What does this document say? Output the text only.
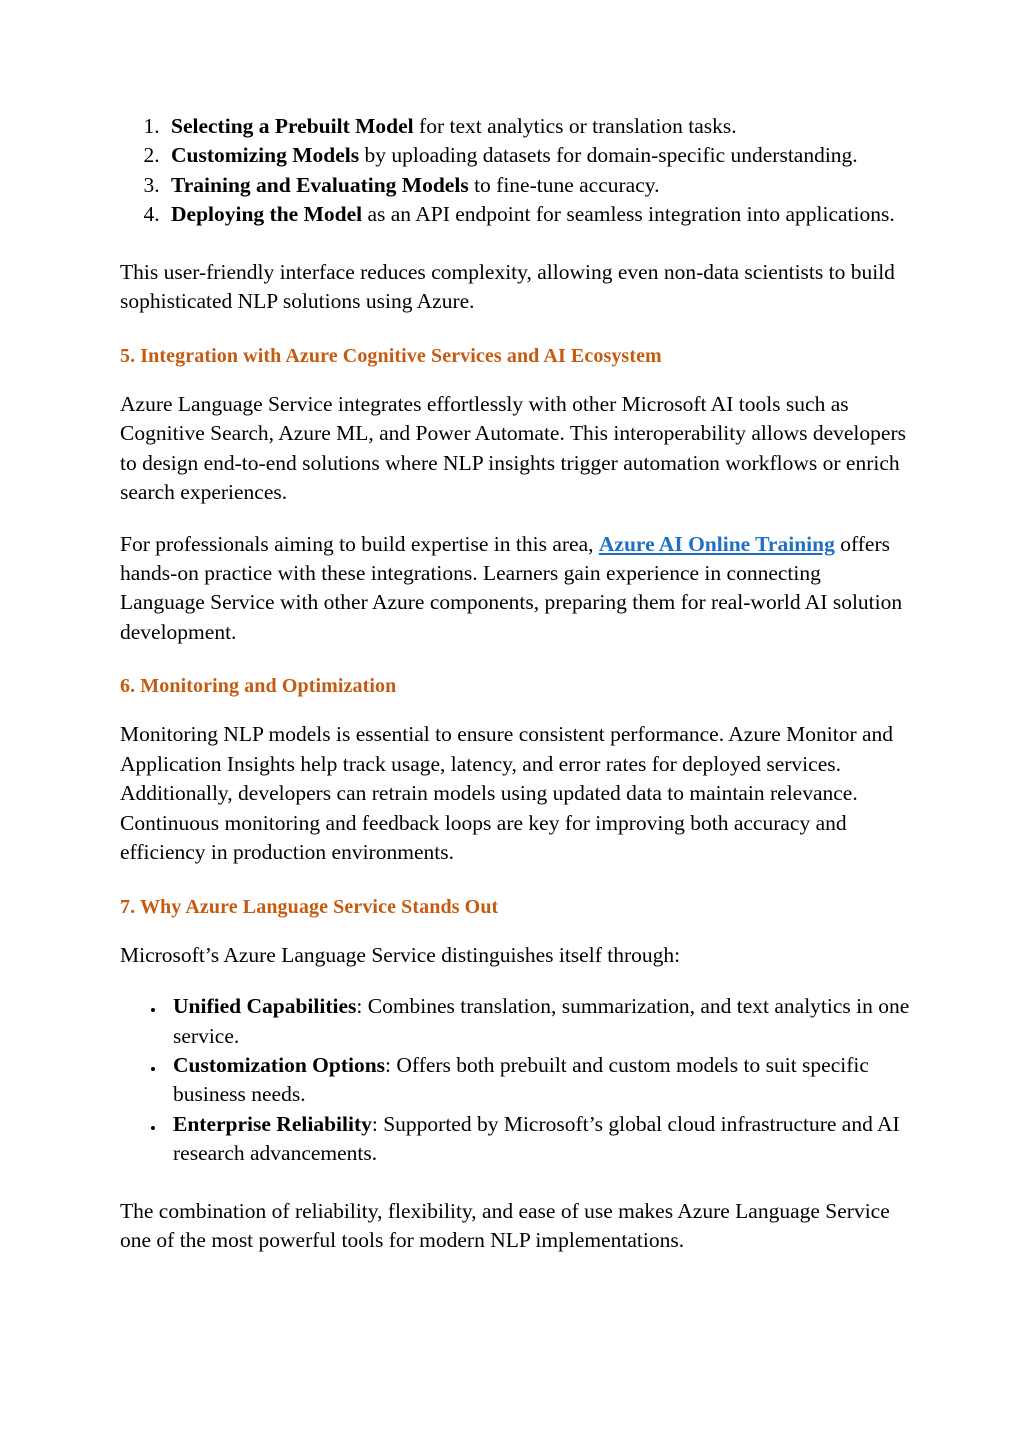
1. Selecting a Prebuilt Model for text analytics or translation tasks.
2. Customizing Models by uploading datasets for domain-specific understanding.
3. Training and Evaluating Models to fine-tune accuracy.
4. Deploying the Model as an API endpoint for seamless integration into applications.

This user-friendly interface reduces complexity, allowing even non-data scientists to build sophisticated NLP solutions using Azure.

5. Integration with Azure Cognitive Services and AI Ecosystem

Azure Language Service integrates effortlessly with other Microsoft AI tools such as Cognitive Search, Azure ML, and Power Automate. This interoperability allows developers to design end-to-end solutions where NLP insights trigger automation workflows or enrich search experiences.

For professionals aiming to build expertise in this area, Azure AI Online Training offers hands-on practice with these integrations. Learners gain experience in connecting Language Service with other Azure components, preparing them for real-world AI solution development.

6. Monitoring and Optimization

Monitoring NLP models is essential to ensure consistent performance. Azure Monitor and Application Insights help track usage, latency, and error rates for deployed services. Additionally, developers can retrain models using updated data to maintain relevance. Continuous monitoring and feedback loops are key for improving both accuracy and efficiency in production environments.

7. Why Azure Language Service Stands Out

Microsoft’s Azure Language Service distinguishes itself through:

• Unified Capabilities: Combines translation, summarization, and text analytics in one service.
• Customization Options: Offers both prebuilt and custom models to suit specific business needs.
• Enterprise Reliability: Supported by Microsoft’s global cloud infrastructure and AI research advancements.

The combination of reliability, flexibility, and ease of use makes Azure Language Service one of the most powerful tools for modern NLP implementations.
